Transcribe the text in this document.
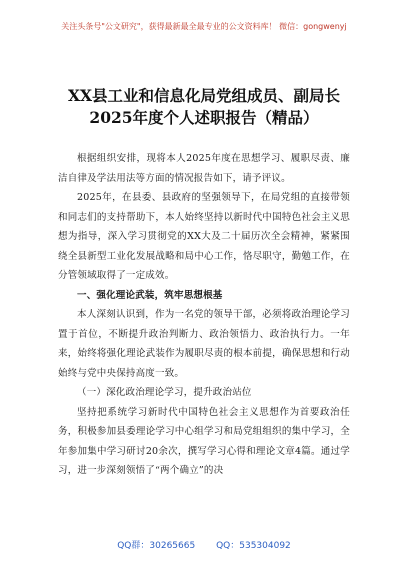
关注头条号"公文研究"，获得最新最全最专业的公文资料库！ 微信：gongwenyj
XX县工业和信息化局党组成员、副局长
2025年度个人述职报告（精品）

根据组织安排，现将本人2025年度在思想学习、履职尽责、廉洁自律及学法用法等方面的情况报告如下，请予评议。

2025年，在县委、县政府的坚强领导下，在局党组的直接带领和同志们的支持帮助下，本人始终坚持以新时代中国特色社会主义思想为指导，深入学习贯彻党的XX大及二十届历次全会精神，紧紧围绕全县新型工业化发展战略和局中心工作，恪尽职守，勤勉工作，在分管领域取得了一定成效。

一、强化理论武装，筑牢思想根基

本人深刻认识到，作为一名党的领导干部，必须将政治理论学习置于首位，不断提升政治判断力、政治领悟力、政治执行力。一年来，始终将强化理论武装作为履职尽责的根本前提，确保思想和行动始终与党中央保持高度一致。

（一）深化政治理论学习，提升政治站位

坚持把系统学习新时代中国特色社会主义思想作为首要政治任务，积极参加县委理论学习中心组学习和局党组组织的集中学习，全年参加集中学习研讨20余次，撰写学习心得和理论文章4篇。通过学习，进一步深刻领悟了“两个确立”的决

QQ群：30265665 QQ：535304092
